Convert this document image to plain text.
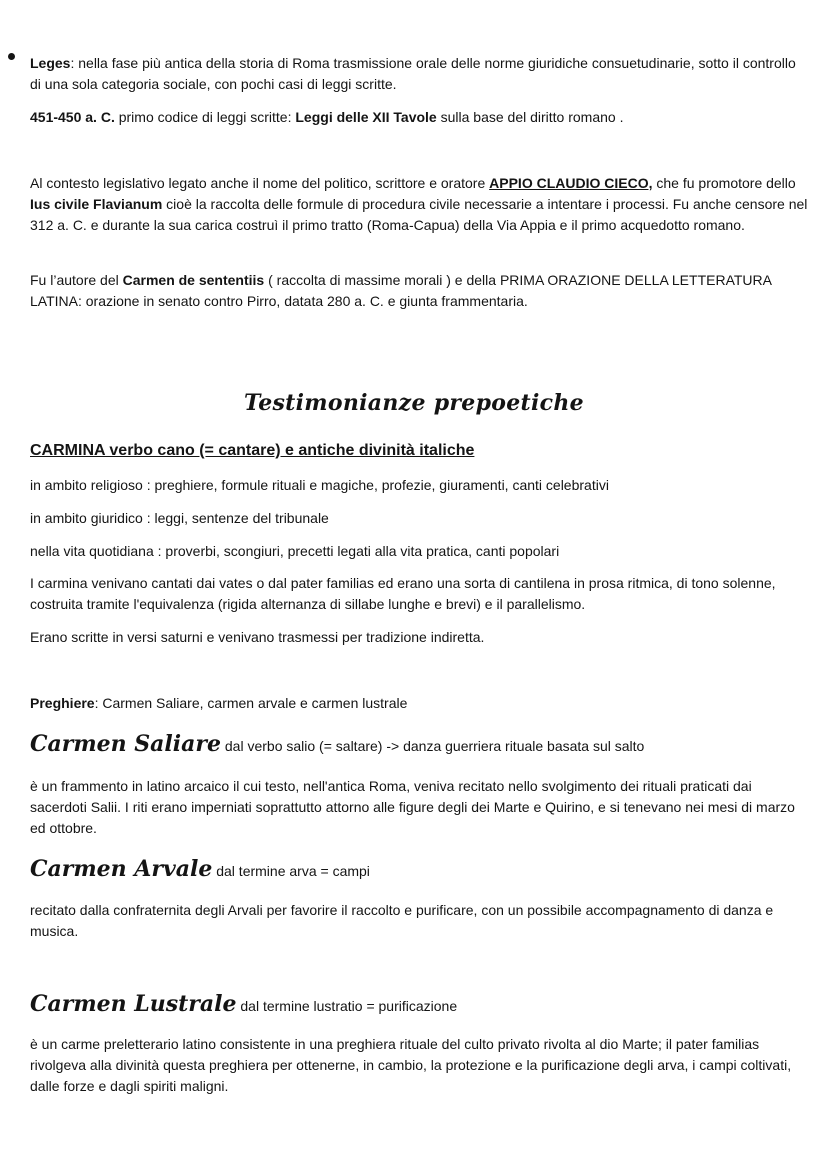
Leges: nella fase più antica della storia di Roma trasmissione orale delle norme giuridiche consuetudinarie, sotto il controllo di una sola categoria sociale, con pochi casi di leggi scritte.

451-450 a. C. primo codice di leggi scritte: Leggi delle XII Tavole sulla base del diritto romano .

Al contesto legislativo legato anche il nome del politico, scrittore e oratore APPIO CLAUDIO CIECO, che fu promotore dello Ius civile Flavianum cioè la raccolta delle formule di procedura civile necessarie a intentare i processi. Fu anche censore nel 312 a. C. e durante la sua carica costruì il primo tratto (Roma-Capua) della Via Appia e il primo acquedotto romano.

Fu l’autore del Carmen de sententiis ( raccolta di massime morali ) e della PRIMA ORAZIONE DELLA LETTERATURA LATINA: orazione in senato contro Pirro, datata 280 a. C. e giunta frammentaria.

Testimonianze prepoetiche

CARMINA verbo cano (= cantare) e antiche divinità italiche

in ambito religioso : preghiere, formule rituali e magiche, profezie, giuramenti, canti celebrativi

in ambito giuridico : leggi, sentenze del tribunale

nella vita quotidiana : proverbi, scongiuri, precetti legati alla vita pratica, canti popolari

I carmina venivano cantati dai vates o dal pater familias ed erano una sorta di cantilena in prosa ritmica, di tono solenne, costruita tramite l'equivalenza (rigida alternanza di sillabe lunghe e brevi) e il parallelismo.

Erano scritte in versi saturni e venivano trasmessi per tradizione indiretta.

Preghiere: Carmen Saliare, carmen arvale e carmen lustrale

Carmen Saliare dal verbo salio (= saltare) -> danza guerriera rituale basata sul salto

è un frammento in latino arcaico il cui testo, nell'antica Roma, veniva recitato nello svolgimento dei rituali praticati dai sacerdoti Salii. I riti erano imperniati soprattutto attorno alle figure degli dei Marte e Quirino, e si tenevano nei mesi di marzo ed ottobre.

Carmen Arvale dal termine arva = campi

recitato dalla confraternita degli Arvali per favorire il raccolto e purificare, con un possibile accompagnamento di danza e musica.

Carmen Lustrale dal termine lustratio = purificazione

è un carme preletterario latino consistente in una preghiera rituale del culto privato rivolta al dio Marte; il pater familias rivolgeva alla divinità questa preghiera per ottenerne, in cambio, la protezione e la purificazione degli arva, i campi coltivati, dalle forze e dagli spiriti maligni.
